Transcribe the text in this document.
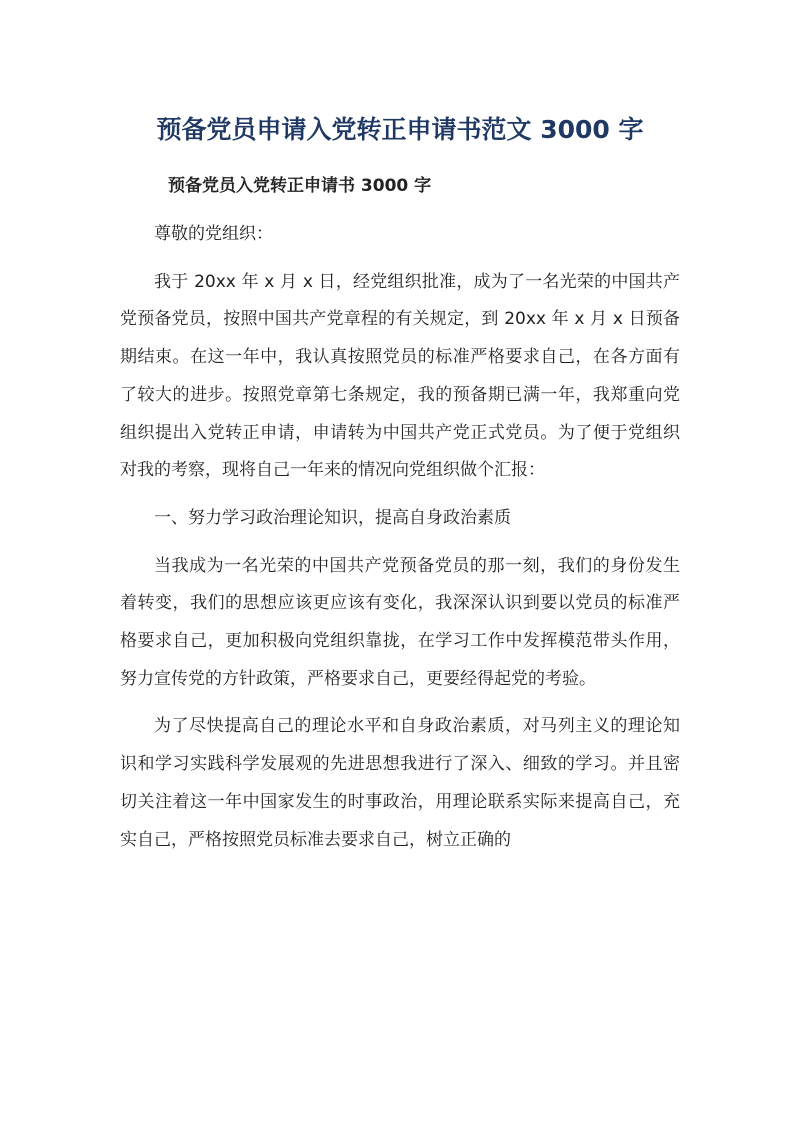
预备党员申请入党转正申请书范文 3000 字
预备党员入党转正申请书 3000 字

尊敬的党组织：

我于 20xx 年 x 月 x 日，经党组织批准，成为了一名光荣的中国共产党预备党员，按照中国共产党章程的有关规定，到 20xx 年 x 月 x 日预备期结束。在这一年中，我认真按照党员的标准严格要求自己，在各方面有了较大的进步。按照党章第七条规定，我的预备期已满一年，我郑重向党组织提出入党转正申请，申请转为中国共产党正式党员。为了便于党组织对我的考察，现将自己一年来的情况向党组织做个汇报：

一、努力学习政治理论知识，提高自身政治素质

当我成为一名光荣的中国共产党预备党员的那一刻，我们的身份发生着转变，我们的思想应该更应该有变化，我深深认识到要以党员的标准严格要求自己，更加积极向党组织靠拢，在学习工作中发挥模范带头作用，努力宣传党的方针政策，严格要求自己，更要经得起党的考验。

为了尽快提高自己的理论水平和自身政治素质，对马列主义的理论知识和学习实践科学发展观的先进思想我进行了深入、细致的学习。并且密切关注着这一年中国家发生的时事政治，用理论联系实际来提高自己，充实自己，严格按照党员标准去要求自己，树立正确的
